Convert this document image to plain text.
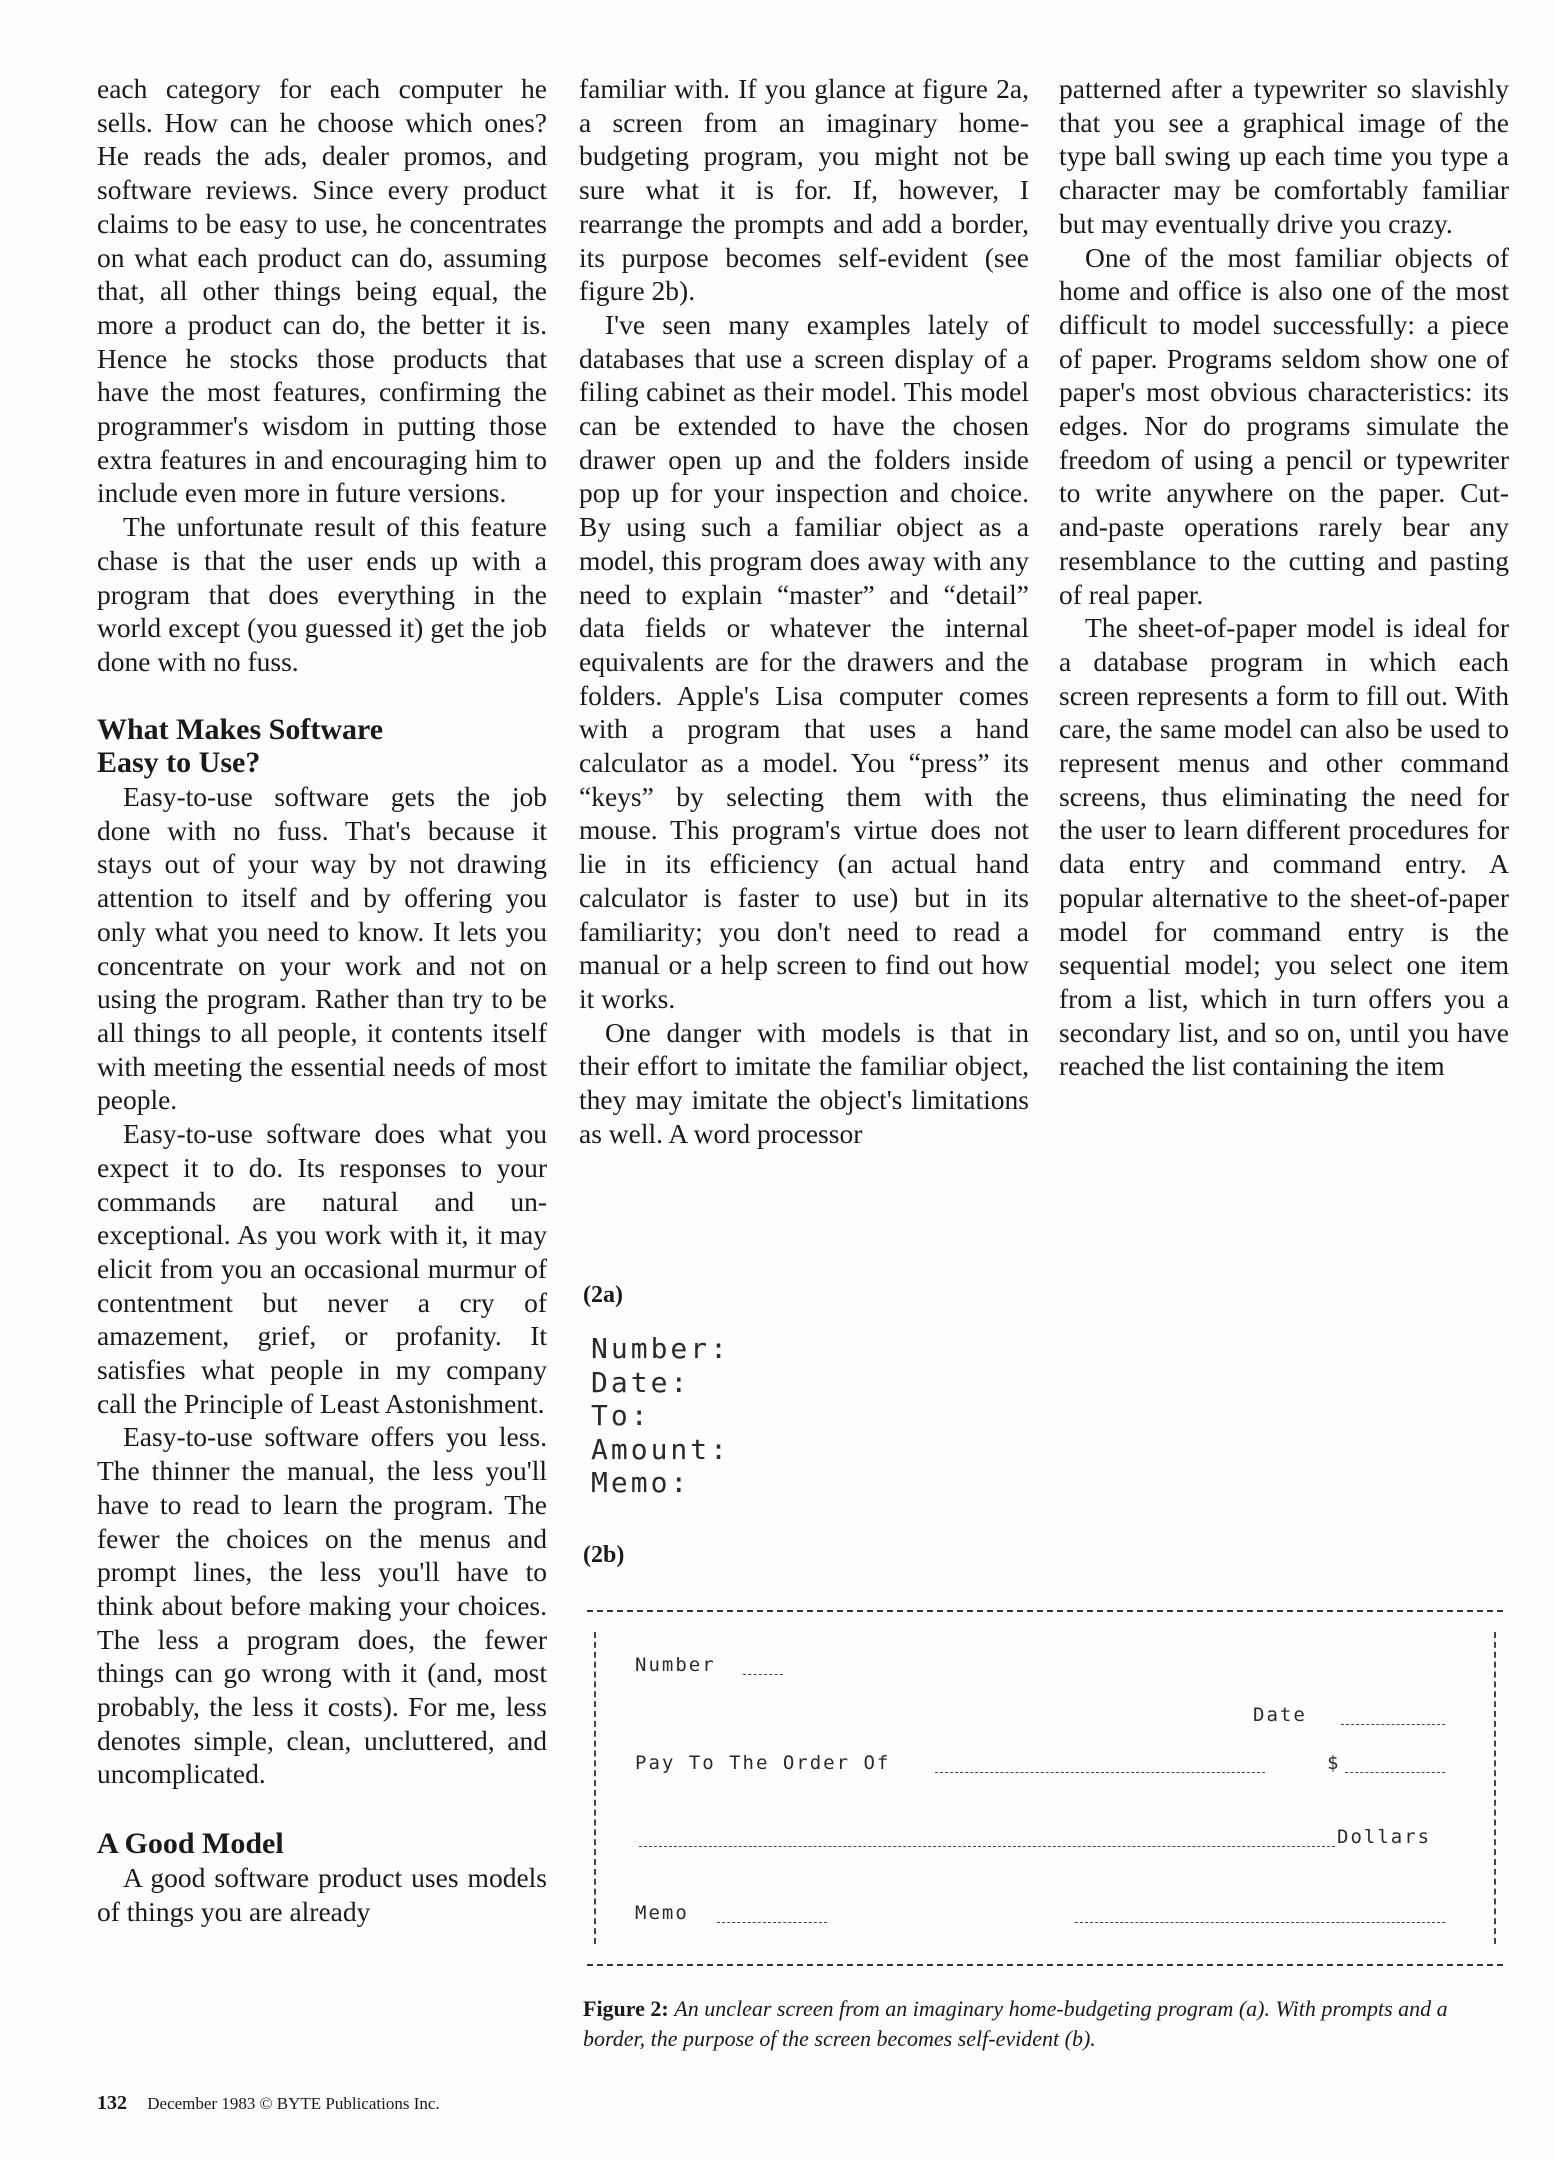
each category for each computer he sells. How can he choose which ones? He reads the ads, dealer promos, and software reviews. Since every product claims to be easy to use, he concentrates on what each product can do, assuming that, all other things being equal, the more a product can do, the better it is. Hence he stocks those products that have the most features, confirming the programmer's wisdom in putting those extra features in and encouraging him to include even more in future versions.

The unfortunate result of this feature chase is that the user ends up with a program that does everything in the world except (you guessed it) get the job done with no fuss.

What Makes Software
Easy to Use?

Easy-to-use software gets the job done with no fuss. That's because it stays out of your way by not drawing attention to itself and by offering you only what you need to know. It lets you concentrate on your work and not on using the program. Rather than try to be all things to all people, it contents itself with meeting the essential needs of most people.

Easy-to-use software does what you expect it to do. Its responses to your commands are natural and unexceptional. As you work with it, it may elicit from you an occasional murmur of contentment but never a cry of amazement, grief, or profanity. It satisfies what people in my company call the Principle of Least Astonishment.

Easy-to-use software offers you less. The thinner the manual, the less you'll have to read to learn the program. The fewer the choices on the menus and prompt lines, the less you'll have to think about before making your choices. The less a program does, the fewer things can go wrong with it (and, most probably, the less it costs). For me, less denotes simple, clean, uncluttered, and uncomplicated.

A Good Model

A good software product uses models of things you are already

familiar with. If you glance at figure 2a, a screen from an imaginary home-budgeting program, you might not be sure what it is for. If, however, I rearrange the prompts and add a border, its purpose becomes self-evident (see figure 2b).

I've seen many examples lately of databases that use a screen display of a filing cabinet as their model. This model can be extended to have the chosen drawer open up and the folders inside pop up for your inspection and choice. By using such a familiar object as a model, this program does away with any need to explain “master” and “detail” data fields or whatever the internal equivalents are for the drawers and the folders. Apple's Lisa computer comes with a program that uses a hand calculator as a model. You “press” its “keys” by selecting them with the mouse. This program's virtue does not lie in its efficiency (an actual hand calculator is faster to use) but in its familiarity; you don't need to read a manual or a help screen to find out how it works.

One danger with models is that in their effort to imitate the familiar object, they may imitate the object's limitations as well. A word processor

patterned after a typewriter so slavishly that you see a graphical image of the type ball swing up each time you type a character may be comfortably familiar but may eventually drive you crazy.

One of the most familiar objects of home and office is also one of the most difficult to model successfully: a piece of paper. Programs seldom show one of paper's most obvious characteristics: its edges. Nor do programs simulate the freedom of using a pencil or typewriter to write anywhere on the paper. Cut-and-paste operations rarely bear any resemblance to the cutting and pasting of real paper.

The sheet-of-paper model is ideal for a database program in which each screen represents a form to fill out. With care, the same model can also be used to represent menus and other command screens, thus eliminating the need for the user to learn different procedures for data entry and command entry. A popular alternative to the sheet-of-paper model for command entry is the sequential model; you select one item from a list, which in turn offers you a secondary list, and so on, until you have reached the list containing the item

(2a)
Number:
Date:
To:
Amount:
Memo:
(2b)
Number
Date
Pay To The Order Of	$
Dollars
Memo
Figure 2: An unclear screen from an imaginary home-budgeting program (a). With prompts and a border, the purpose of the screen becomes self-evident (b).
132 December 1983 © BYTE Publications Inc.
